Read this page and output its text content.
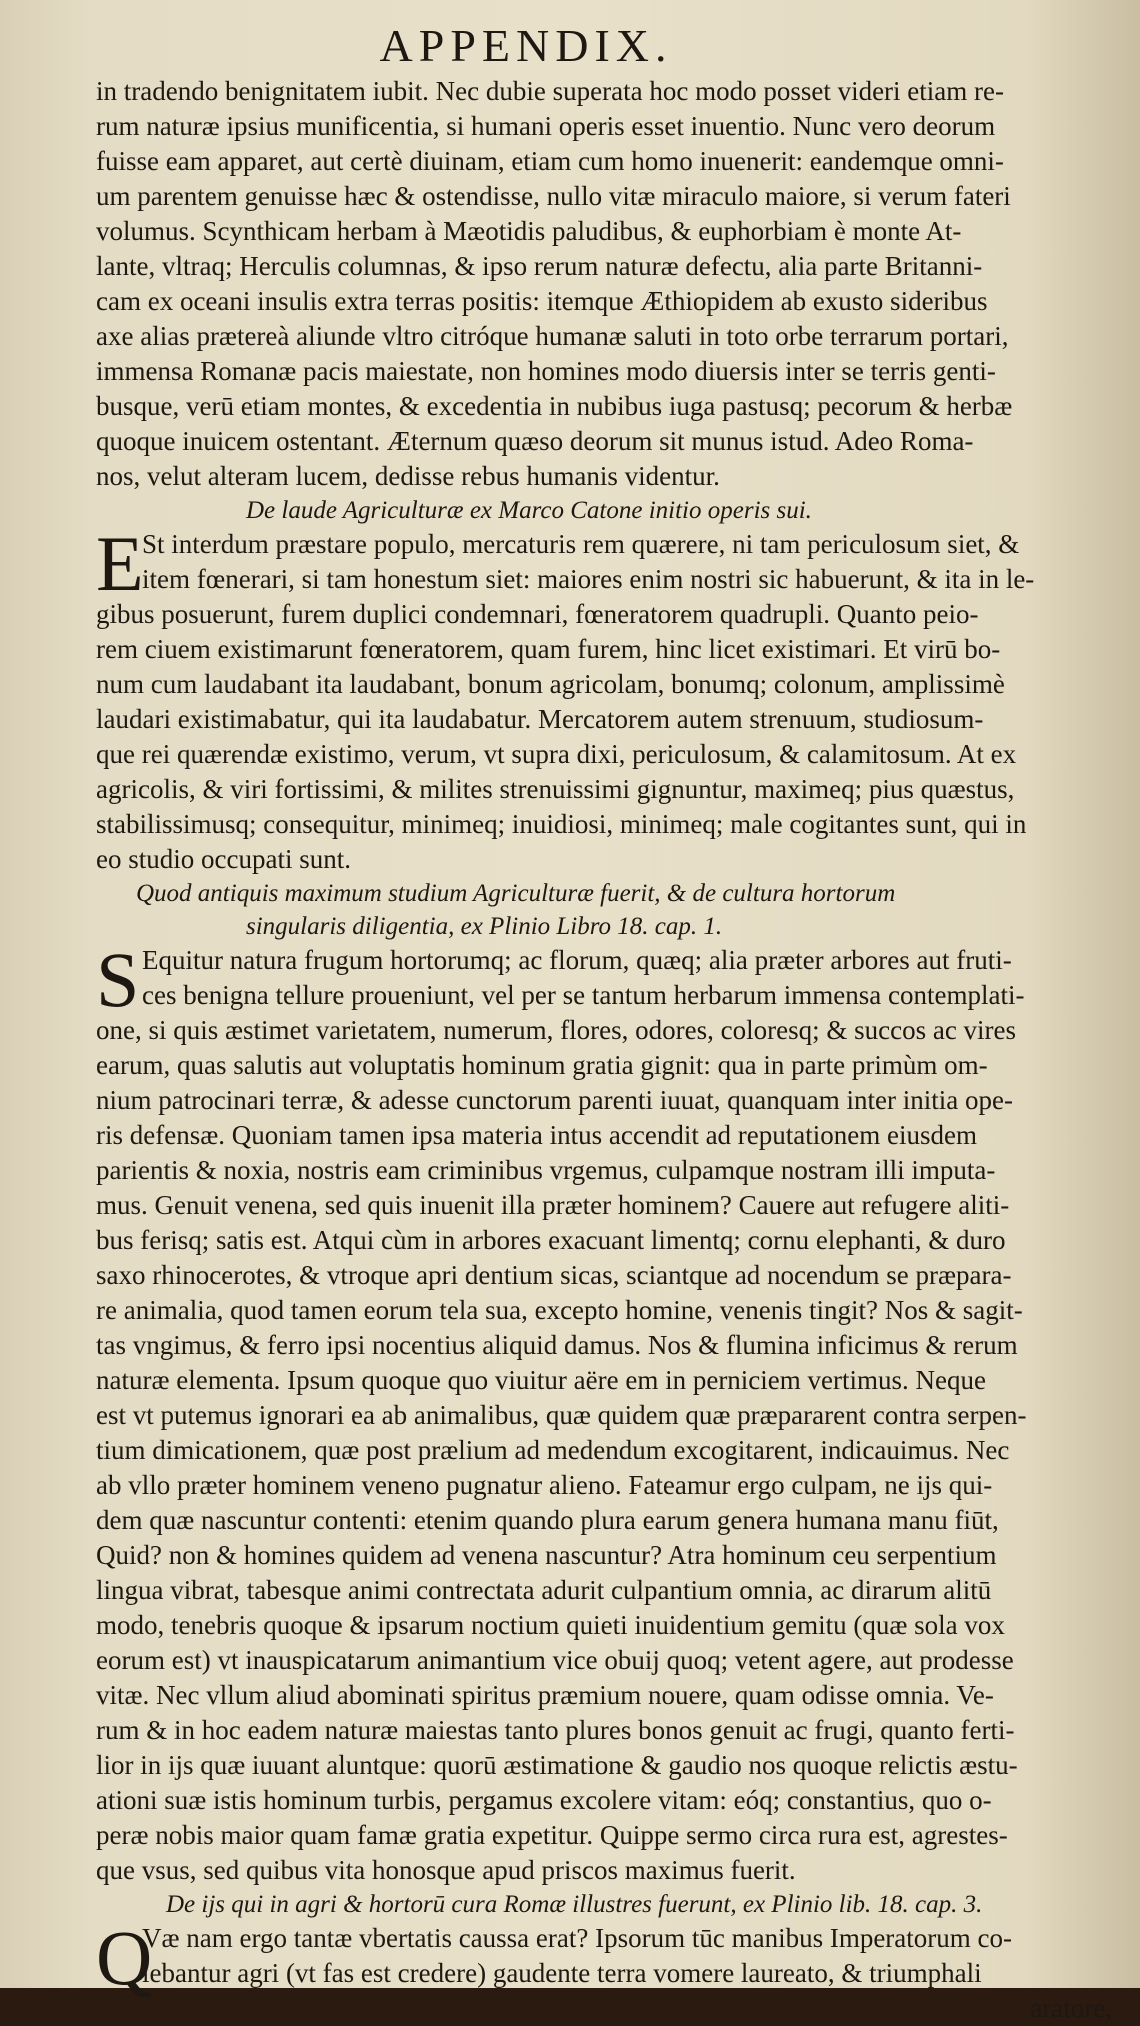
APPENDIX.
in tradendo benignitatem iubit. Nec dubie superata hoc modo posset videri etiam re-
rum naturæ ipsius munificentia, si humani operis esset inuentio. Nunc vero deorum
fuisse eam apparet, aut certè diuinam, etiam cum homo inuenerit: eandemque omni-
um parentem genuisse hæc & ostendisse, nullo vitæ miraculo maiore, si verum fateri
volumus. Scynthicam herbam à Mæotidis paludibus, & euphorbiam è monte At-
lante, vltraq; Herculis columnas, & ipso rerum naturæ defectu, alia parte Britanni-
cam ex oceani insulis extra terras positis: itemque Æthiopidem ab exusto sideribus
axe alias prætereà aliunde vltro citróque humanæ saluti in toto orbe terrarum portari,
immensa Romanæ pacis maiestate, non homines modo diuersis inter se terris genti-
busque, verū etiam montes, & excedentia in nubibus iuga pastusq; pecorum & herbæ
quoque inuicem ostentant. Æternum quæso deorum sit munus istud. Adeo Roma-
nos, velut alteram lucem, dedisse rebus humanis videntur.
De laude Agriculturæ ex Marco Catone initio operis sui.
E
St interdum præstare populo, mercaturis rem quærere, ni tam periculosum siet, &
item fœnerari, si tam honestum siet: maiores enim nostri sic habuerunt, & ita in le-
gibus posuerunt, furem duplici condemnari, fœneratorem quadrupli. Quanto peio-
rem ciuem existimarunt fœneratorem, quam furem, hinc licet existimari. Et virū bo-
num cum laudabant ita laudabant, bonum agricolam, bonumq; colonum, amplissimè
laudari existimabatur, qui ita laudabatur. Mercatorem autem strenuum, studiosum-
que rei quærendæ existimo, verum, vt supra dixi, periculosum, & calamitosum. At ex
agricolis, & viri fortissimi, & milites strenuissimi gignuntur, maximeq; pius quæstus,
stabilissimusq; consequitur, minimeq; inuidiosi, minimeq; male cogitantes sunt, qui in
eo studio occupati sunt.
Quod antiquis maximum studium Agriculturæ fuerit, & de cultura hortorum
singularis diligentia, ex Plinio Libro 18. cap. 1.
S Equitur natura frugum hortorumq; ac florum, quæq; alia præter arbores aut fruti-
ces benigna tellure proueniunt, vel per se tantum herbarum immensa contemplati-
one, si quis æstimet varietatem, numerum, flores, odores, coloresq; & succos ac vires
earum, quas salutis aut voluptatis hominum gratia gignit: qua in parte primùm om-
nium patrocinari terræ, & adesse cunctorum parenti iuuat, quanquam inter initia ope-
ris defensæ. Quoniam tamen ipsa materia intus accendit ad reputationem eiusdem
parientis & noxia, nostris eam criminibus vrgemus, culpamque nostram illi imputa-
mus. Genuit venena, sed quis inuenit illa præter hominem? Cauere aut refugere aliti-
bus ferisq; satis est. Atqui cùm in arbores exacuant limentq; cornu elephanti, & duro
saxo rhinocerotes, & vtroque apri dentium sicas, sciantque ad nocendum se præpara-
re animalia, quod tamen eorum tela sua, excepto homine, venenis tingit? Nos & sagit-
tas vngimus, & ferro ipsi nocentius aliquid damus. Nos & flumina inficimus & rerum
naturæ elementa. Ipsum quoque quo viuitur aëre em in perniciem vertimus. Neque
est vt putemus ignorari ea ab animalibus, quæ quidem quæ præpararent contra serpen-
tium dimicationem, quæ post prælium ad medendum excogitarent, indicauimus. Nec
ab vllo præter hominem veneno pugnatur alieno. Fateamur ergo culpam, ne ijs qui-
dem quæ nascuntur contenti: etenim quando plura earum genera humana manu fiūt,
Quid? non & homines quidem ad venena nascuntur? Atra hominum ceu serpentium
lingua vibrat, tabesque animi contrectata adurit culpantium omnia, ac dirarum alitū
modo, tenebris quoque & ipsarum noctium quieti inuidentium gemitu (quæ sola vox
eorum est) vt inauspicatarum animantium vice obuij quoq; vetent agere, aut prodesse
vitæ. Nec vllum aliud abominati spiritus præmium nouere, quam odisse omnia. Ve-
rum & in hoc eadem naturæ maiestas tanto plures bonos genuit ac frugi, quanto ferti-
lior in ijs quæ iuuant aluntque: quorū æstimatione & gaudio nos quoque relictis æstu-
ationi suæ istis hominum turbis, pergamus excolere vitam: eóq; constantius, quo o-
peræ nobis maior quam famæ gratia expetitur. Quippe sermo circa rura est, agrestes-
que vsus, sed quibus vita honosque apud priscos maximus fuerit.
De ijs qui in agri & hortorū cura Romæ illustres fuerunt, ex Plinio lib. 18. cap. 3.
Q
Væ nam ergo tantæ vbertatis caussa erat? Ipsorum tūc manibus Imperatorum co-
lebantur agri (vt fas est credere) gaudente terra vomere laureato, & triumphali
aratore,
